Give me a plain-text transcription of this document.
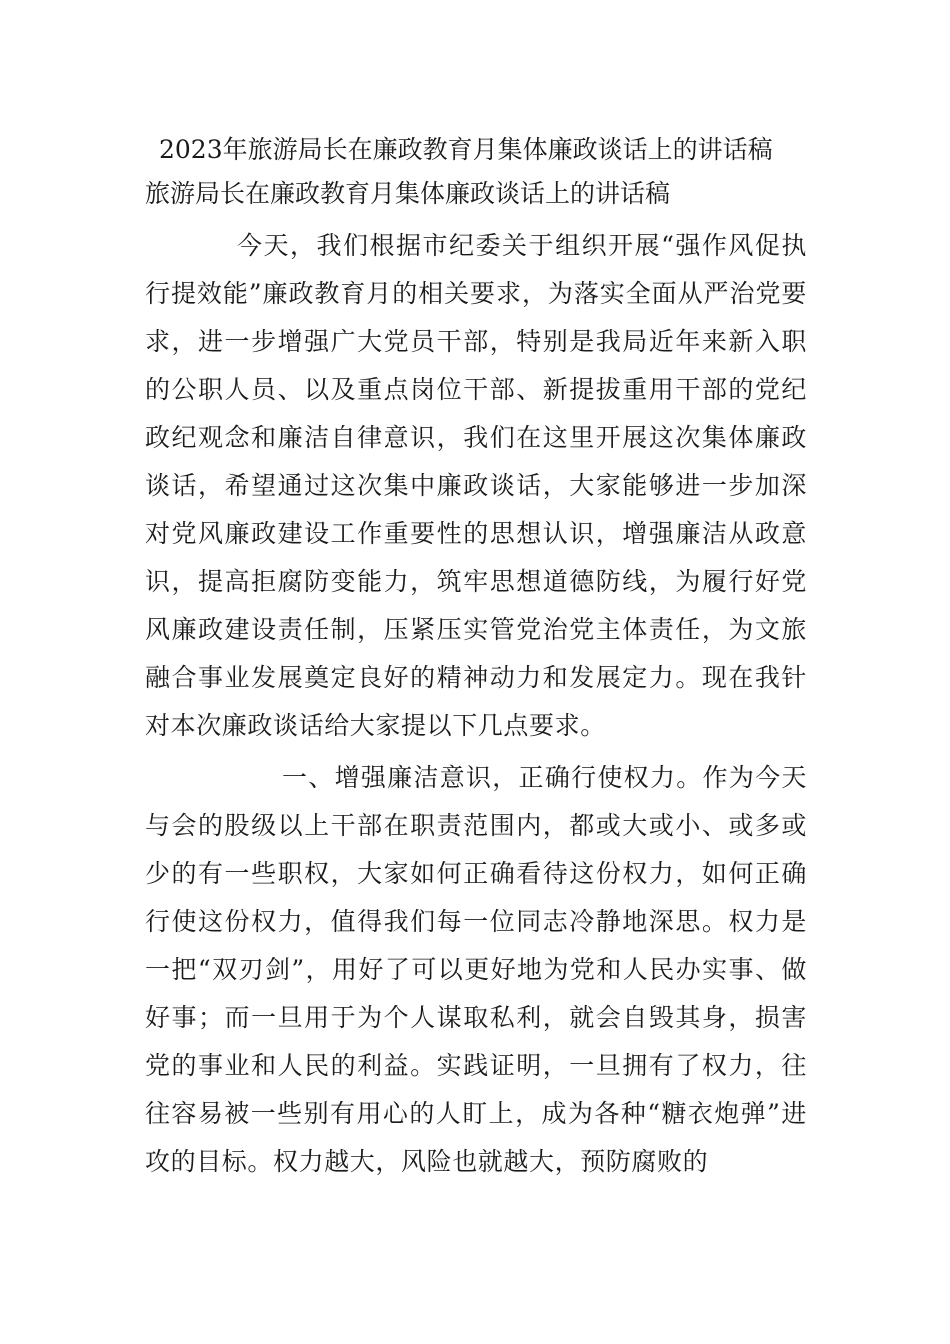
2023年旅游局长在廉政教育月集体廉政谈话上的讲话稿
旅游局长在廉政教育月集体廉政谈话上的讲话稿

今天，我们根据市纪委关于组织开展“强作风促执行提效能”廉政教育月的相关要求，为落实全面从严治党要求，进一步增强广大党员干部，特别是我局近年来新入职的公职人员、以及重点岗位干部、新提拔重用干部的党纪政纪观念和廉洁自律意识，我们在这里开展这次集体廉政谈话，希望通过这次集中廉政谈话，大家能够进一步加深对党风廉政建设工作重要性的思想认识，增强廉洁从政意识，提高拒腐防变能力，筑牢思想道德防线，为履行好党风廉政建设责任制，压紧压实管党治党主体责任，为文旅融合事业发展奠定良好的精神动力和发展定力。现在我针对本次廉政谈话给大家提以下几点要求。

一、增强廉洁意识，正确行使权力。作为今天与会的股级以上干部在职责范围内，都或大或小、或多或少的有一些职权，大家如何正确看待这份权力，如何正确行使这份权力，值得我们每一位同志冷静地深思。权力是一把“双刃剑”，用好了可以更好地为党和人民办实事、做好事；而一旦用于为个人谋取私利，就会自毁其身，损害党的事业和人民的利益。实践证明，一旦拥有了权力，往往容易被一些别有用心的人盯上，成为各种“糖衣炮弹”进攻的目标。权力越大，风险也就越大，预防腐败的
